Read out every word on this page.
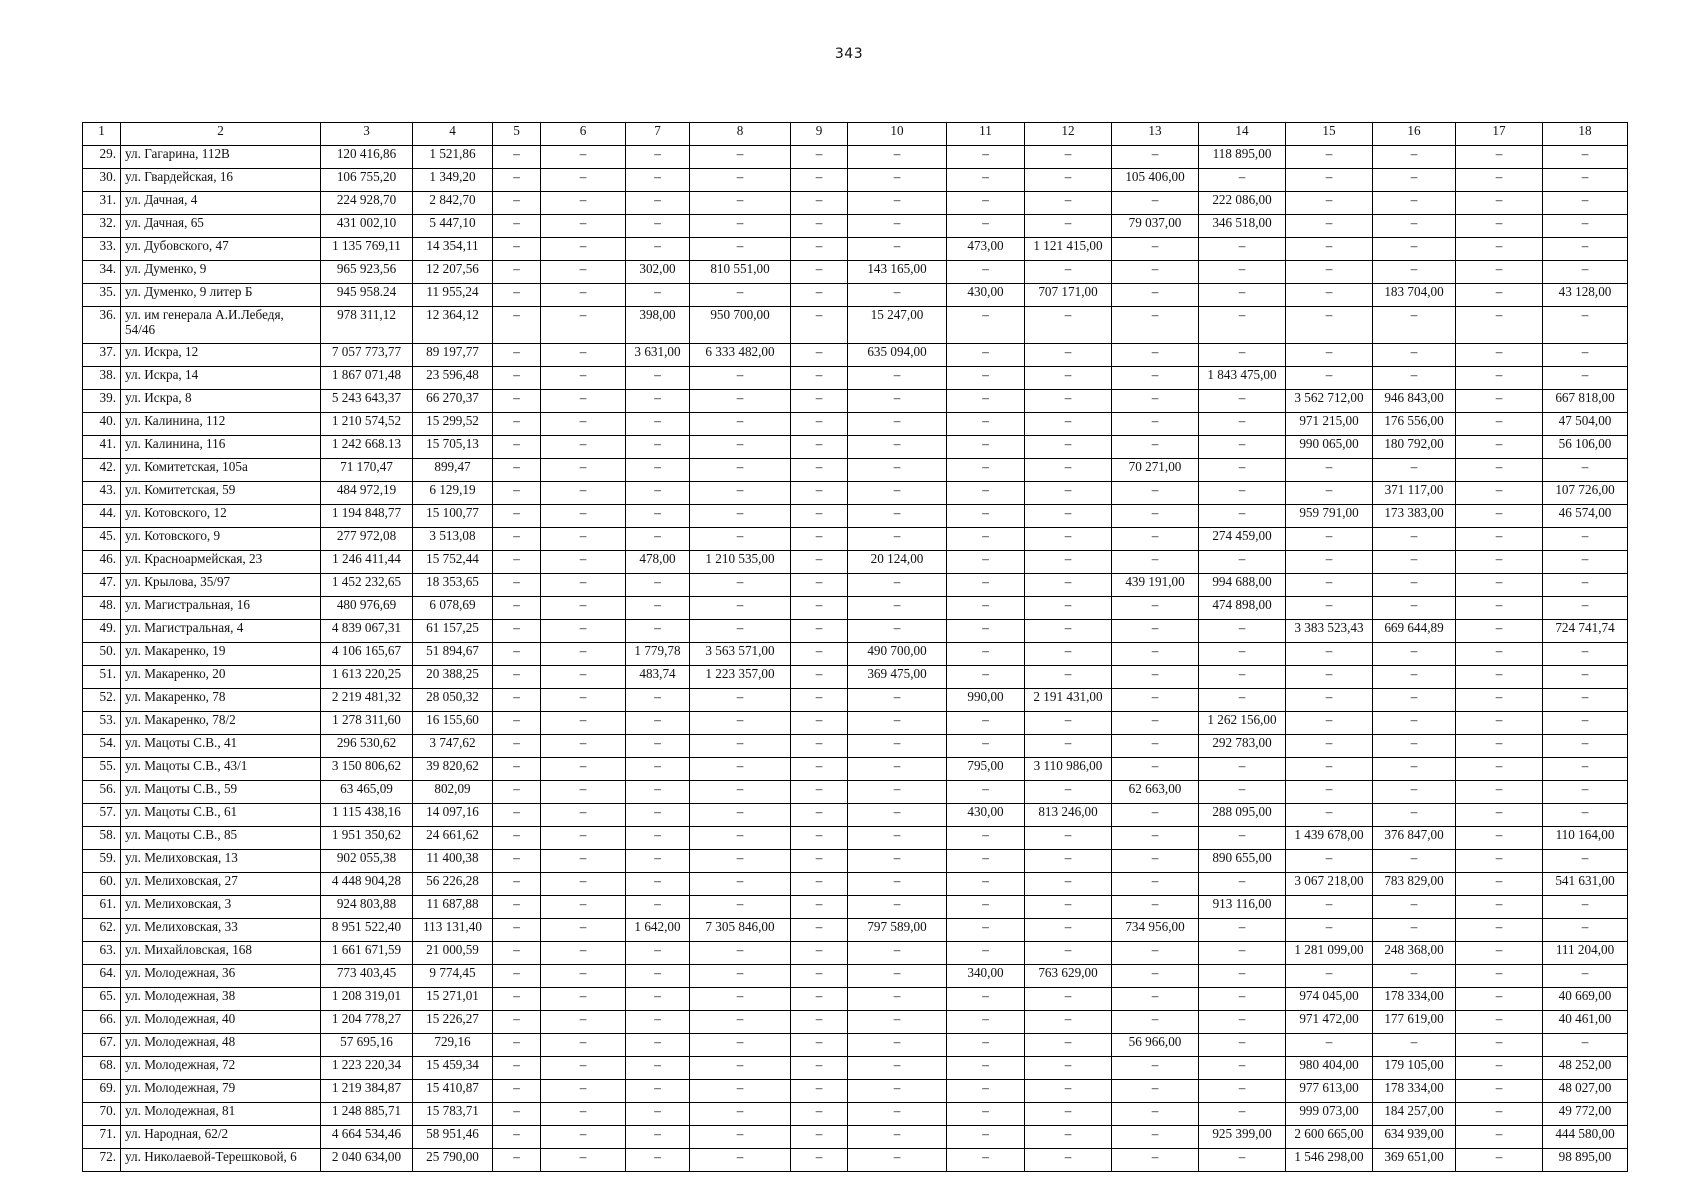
343
1	2	3	4	5	6	7	8	9	10	11	12	13	14	15	16	17	18
29.	ул. Гагарина, 112В	120 416,86	1 521,86	–	–	–	–	–	–	–	–	–	118 895,00	–	–	–	–
30.	ул. Гвардейская, 16	106 755,20	1 349,20	–	–	–	–	–	–	–	–	105 406,00	–	–	–	–	–
31.	ул. Дачная, 4	224 928,70	2 842,70	–	–	–	–	–	–	–	–	–	222 086,00	–	–	–	–
32.	ул. Дачная, 65	431 002,10	5 447,10	–	–	–	–	–	–	–	–	79 037,00	346 518,00	–	–	–	–
33.	ул. Дубовского, 47	1 135 769,11	14 354,11	–	–	–	–	–	–	473,00	1 121 415,00	–	–	–	–	–	–
34.	ул. Думенко, 9	965 923,56	12 207,56	–	–	302,00	810 551,00	–	143 165,00	–	–	–	–	–	–	–	–
35.	ул. Думенко, 9 литер Б	945 958.24	11 955,24	–	–	–	–	–	–	430,00	707 171,00	–	–	–	183 704,00	–	43 128,00
36.	ул. им генерала А.И.Лебедя, 54/46	978 311,12	12 364,12	–	–	398,00	950 700,00	–	15 247,00	–	–	–	–	–	–	–	–
37.	ул. Искра, 12	7 057 773,77	89 197,77	–	–	3 631,00	6 333 482,00	–	635 094,00	–	–	–	–	–	–	–	–
38.	ул. Искра, 14	1 867 071,48	23 596,48	–	–	–	–	–	–	–	–	–	1 843 475,00	–	–	–	–
39.	ул. Искра, 8	5 243 643,37	66 270,37	–	–	–	–	–	–	–	–	–	–	3 562 712,00	946 843,00	–	667 818,00
40.	ул. Калинина, 112	1 210 574,52	15 299,52	–	–	–	–	–	–	–	–	–	–	971 215,00	176 556,00	–	47 504,00
41.	ул. Калинина, 116	1 242 668.13	15 705,13	–	–	–	–	–	–	–	–	–	–	990 065,00	180 792,00	–	56 106,00
42.	ул. Комитетская, 105а	71 170,47	899,47	–	–	–	–	–	–	–	–	70 271,00	–	–	–	–	–
43.	ул. Комитетская, 59	484 972,19	6 129,19	–	–	–	–	–	–	–	–	–	–	–	371 117,00	–	107 726,00
44.	ул. Котовского, 12	1 194 848,77	15 100,77	–	–	–	–	–	–	–	–	–	–	959 791,00	173 383,00	–	46 574,00
45.	ул. Котовского, 9	277 972,08	3 513,08	–	–	–	–	–	–	–	–	–	274 459,00	–	–	–	–
46.	ул. Красноармейская, 23	1 246 411,44	15 752,44	–	–	478,00	1 210 535,00	–	20 124,00	–	–	–	–	–	–	–	–
47.	ул. Крылова, 35/97	1 452 232,65	18 353,65	–	–	–	–	–	–	–	–	439 191,00	994 688,00	–	–	–	–
48.	ул. Магистральная, 16	480 976,69	6 078,69	–	–	–	–	–	–	–	–	–	474 898,00	–	–	–	–
49.	ул. Магистральная, 4	4 839 067,31	61 157,25	–	–	–	–	–	–	–	–	–	–	3 383 523,43	669 644,89	–	724 741,74
50.	ул. Макаренко, 19	4 106 165,67	51 894,67	–	–	1 779,78	3 563 571,00	–	490 700,00	–	–	–	–	–	–	–	–
51.	ул. Макаренко, 20	1 613 220,25	20 388,25	–	–	483,74	1 223 357,00	–	369 475,00	–	–	–	–	–	–	–	–
52.	ул. Макаренко, 78	2 219 481,32	28 050,32	–	–	–	–	–	–	990,00	2 191 431,00	–	–	–	–	–	–
53.	ул. Макаренко, 78/2	1 278 311,60	16 155,60	–	–	–	–	–	–	–	–	–	1 262 156,00	–	–	–	–
54.	ул. Мацоты С.В., 41	296 530,62	3 747,62	–	–	–	–	–	–	–	–	–	292 783,00	–	–	–	–
55.	ул. Мацоты С.В., 43/1	3 150 806,62	39 820,62	–	–	–	–	–	–	795,00	3 110 986,00	–	–	–	–	–	–
56.	ул. Мацоты С.В., 59	63 465,09	802,09	–	–	–	–	–	–	–	–	62 663,00	–	–	–	–	–
57.	ул. Мацоты С.В., 61	1 115 438,16	14 097,16	–	–	–	–	–	–	430,00	813 246,00	–	288 095,00	–	–	–	–
58.	ул. Мацоты С.В., 85	1 951 350,62	24 661,62	–	–	–	–	–	–	–	–	–	–	1 439 678,00	376 847,00	–	110 164,00
59.	ул. Мелиховская, 13	902 055,38	11 400,38	–	–	–	–	–	–	–	–	–	890 655,00	–	–	–	–
60.	ул. Мелиховская, 27	4 448 904,28	56 226,28	–	–	–	–	–	–	–	–	–	–	3 067 218,00	783 829,00	–	541 631,00
61.	ул. Мелиховская, 3	924 803,88	11 687,88	–	–	–	–	–	–	–	–	–	913 116,00	–	–	–	–
62.	ул. Мелиховская, 33	8 951 522,40	113 131,40	–	–	1 642,00	7 305 846,00	–	797 589,00	–	–	734 956,00	–	–	–	–	–
63.	ул. Михайловская, 168	1 661 671,59	21 000,59	–	–	–	–	–	–	–	–	–	–	1 281 099,00	248 368,00	–	111 204,00
64.	ул. Молодежная, 36	773 403,45	9 774,45	–	–	–	–	–	–	340,00	763 629,00	–	–	–	–	–	–
65.	ул. Молодежная, 38	1 208 319,01	15 271,01	–	–	–	–	–	–	–	–	–	–	974 045,00	178 334,00	–	40 669,00
66.	ул. Молодежная, 40	1 204 778,27	15 226,27	–	–	–	–	–	–	–	–	–	–	971 472,00	177 619,00	–	40 461,00
67.	ул. Молодежная, 48	57 695,16	729,16	–	–	–	–	–	–	–	–	56 966,00	–	–	–	–	–
68.	ул. Молодежная, 72	1 223 220,34	15 459,34	–	–	–	–	–	–	–	–	–	–	980 404,00	179 105,00	–	48 252,00
69.	ул. Молодежная, 79	1 219 384,87	15 410,87	–	–	–	–	–	–	–	–	–	–	977 613,00	178 334,00	–	48 027,00
70.	ул. Молодежная, 81	1 248 885,71	15 783,71	–	–	–	–	–	–	–	–	–	–	999 073,00	184 257,00	–	49 772,00
71.	ул. Народная, 62/2	4 664 534,46	58 951,46	–	–	–	–	–	–	–	–	–	925 399,00	2 600 665,00	634 939,00	–	444 580,00
72.	ул. Николаевой-Терешковой, 6	2 040 634,00	25 790,00	–	–	–	–	–	–	–	–	–	–	1 546 298,00	369 651,00	–	98 895,00
